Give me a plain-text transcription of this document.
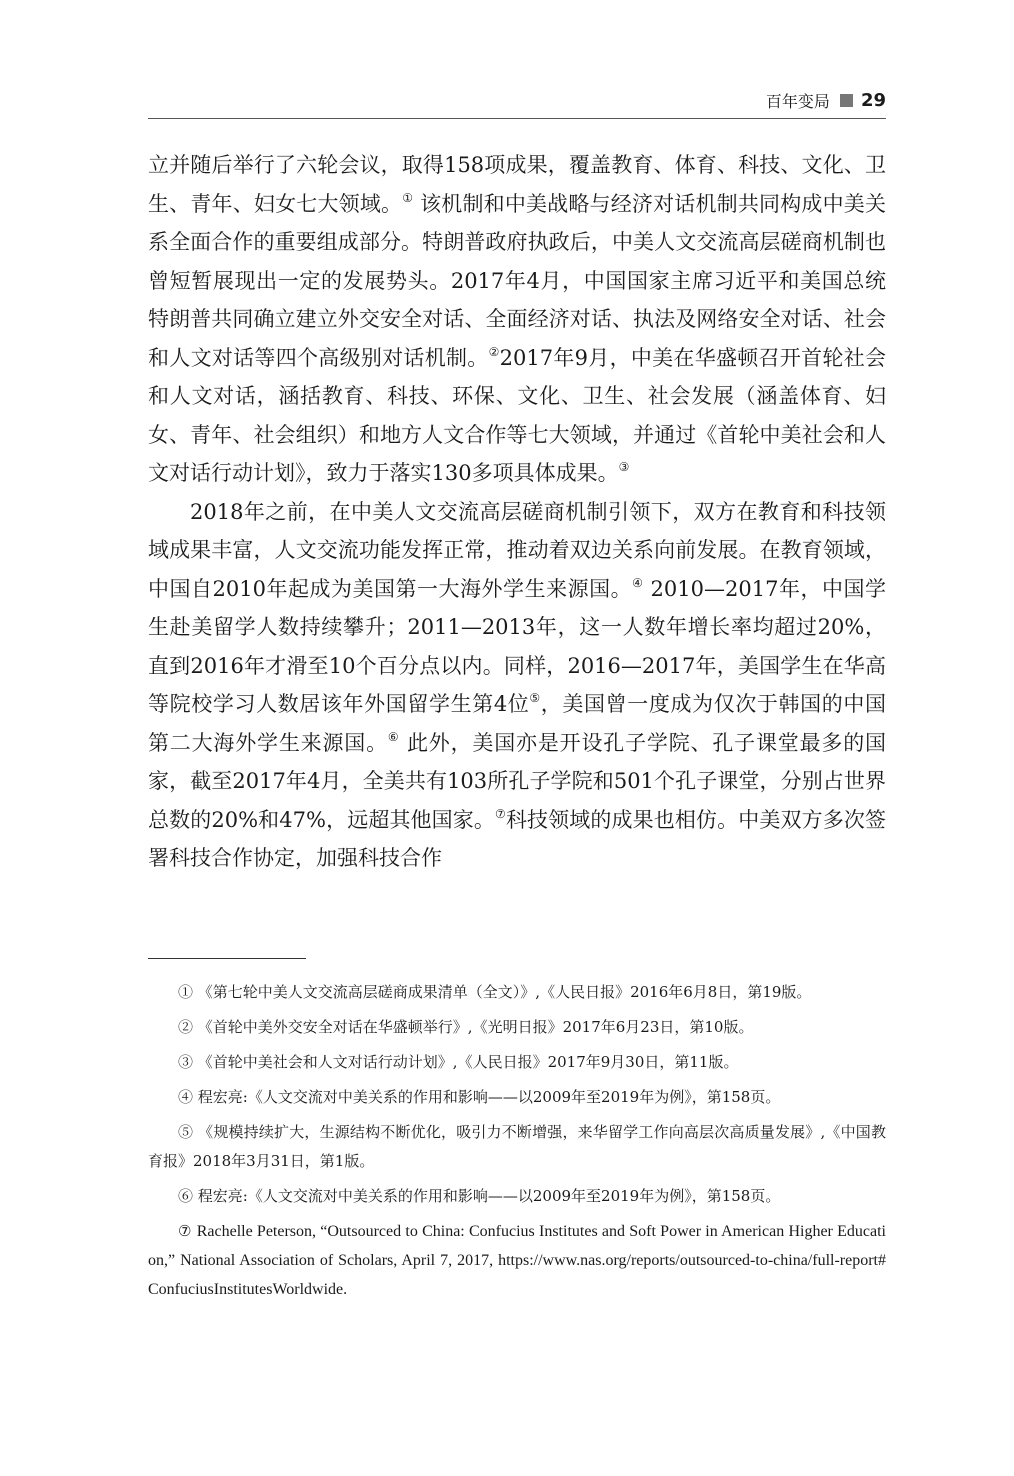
百年变局 29

立并随后举行了六轮会议，取得158项成果，覆盖教育、体育、科技、文化、卫生、青年、妇女七大领域。① 该机制和中美战略与经济对话机制共同构成中美关系全面合作的重要组成部分。特朗普政府执政后，中美人文交流高层磋商机制也曾短暂展现出一定的发展势头。2017年4月，中国国家主席习近平和美国总统特朗普共同确立建立外交安全对话、全面经济对话、执法及网络安全对话、社会和人文对话等四个高级别对话机制。②2017年9月，中美在华盛顿召开首轮社会和人文对话，涵括教育、科技、环保、文化、卫生、社会发展（涵盖体育、妇女、青年、社会组织）和地方人文合作等七大领域，并通过《首轮中美社会和人文对话行动计划》，致力于落实130多项具体成果。③

2018年之前，在中美人文交流高层磋商机制引领下，双方在教育和科技领域成果丰富，人文交流功能发挥正常，推动着双边关系向前发展。在教育领域，中国自2010年起成为美国第一大海外学生来源国。④ 2010—2017年，中国学生赴美留学人数持续攀升；2011—2013年，这一人数年增长率均超过20%，直到2016年才滑至10个百分点以内。同样，2016—2017年，美国学生在华高等院校学习人数居该年外国留学生第4位⑤，美国曾一度成为仅次于韩国的中国第二大海外学生来源国。⑥ 此外，美国亦是开设孔子学院、孔子课堂最多的国家，截至2017年4月，全美共有103所孔子学院和501个孔子课堂，分别占世界总数的20%和47%，远超其他国家。⑦科技领域的成果也相仿。中美双方多次签署科技合作协定，加强科技合作

① 《第七轮中美人文交流高层磋商成果清单（全文）》,《人民日报》2016年6月8日，第19版。

② 《首轮中美外交安全对话在华盛顿举行》,《光明日报》2017年6月23日，第10版。

③ 《首轮中美社会和人文对话行动计划》,《人民日报》2017年9月30日，第11版。

④ 程宏亮:《人文交流对中美关系的作用和影响——以2009年至2019年为例》，第158页。

⑤ 《规模持续扩大，生源结构不断优化，吸引力不断增强，来华留学工作向高层次高质量发展》,《中国教育报》2018年3月31日，第1版。

⑥ 程宏亮:《人文交流对中美关系的作用和影响——以2009年至2019年为例》，第158页。

⑦ Rachelle Peterson, “Outsourced to China: Confucius Institutes and Soft Power in American Higher Education,” National Association of Scholars, April 7, 2017, https://www.nas.org/reports/outsourced-to-china/full-report#ConfuciusInstitutesWorldwide.
